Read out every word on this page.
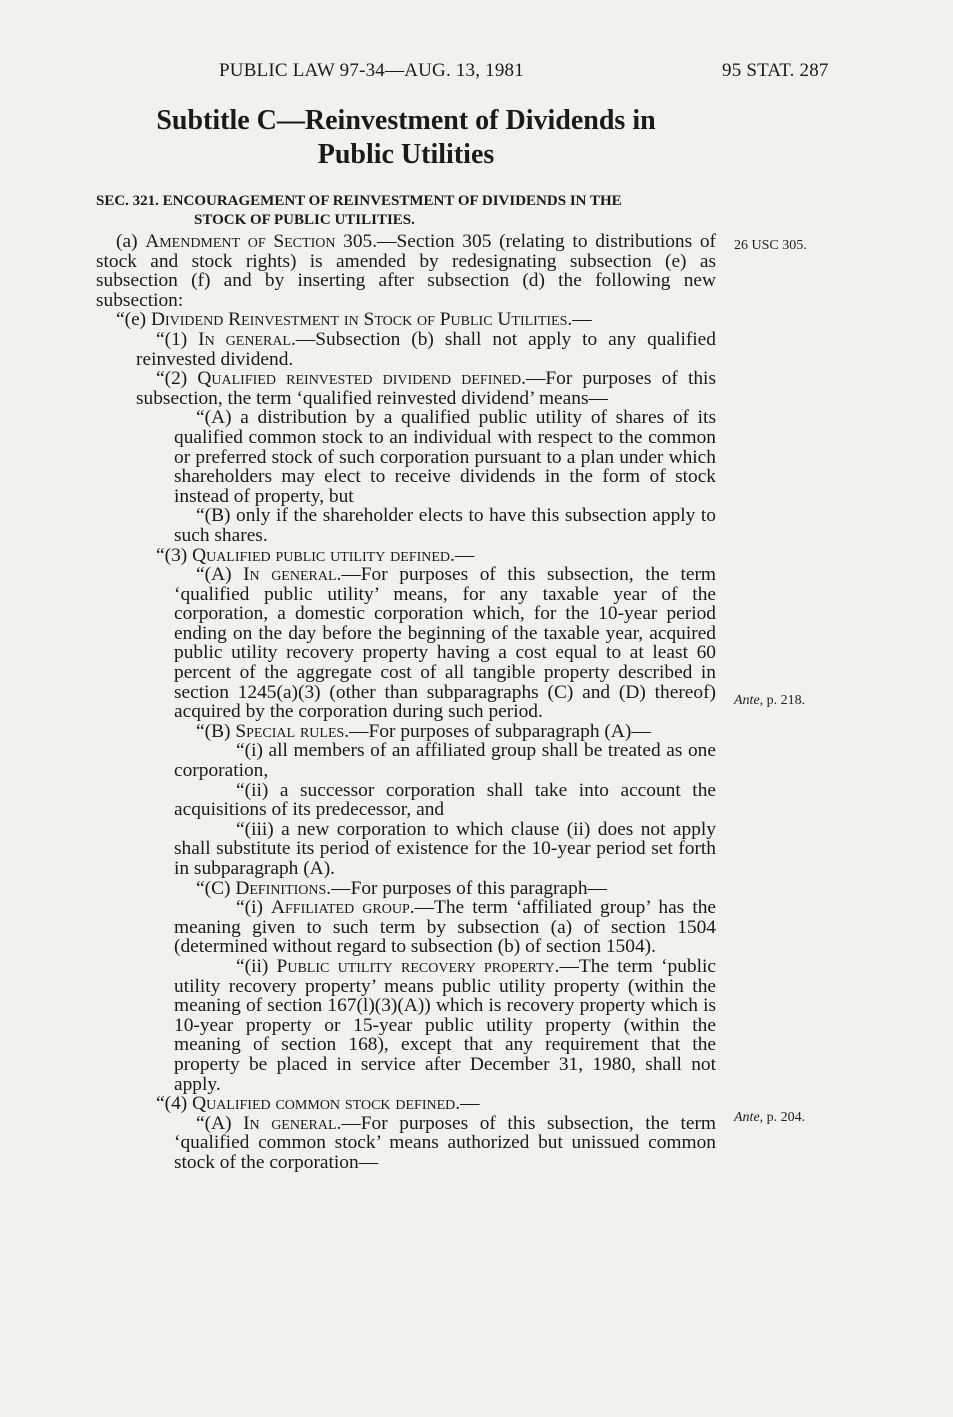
PUBLIC LAW 97-34—AUG. 13, 1981	95 STAT. 287
Subtitle C—Reinvestment of Dividends in
Public Utilities
SEC. 321. ENCOURAGEMENT OF REINVESTMENT OF DIVIDENDS IN THE
STOCK OF PUBLIC UTILITIES.
26 USC 305.
Ante, p. 218.
Ante, p. 204.

(a) Amendment of Section 305.—Section 305 (relating to distributions of stock and stock rights) is amended by redesignating subsection (e) as subsection (f) and by inserting after subsection (d) the following new subsection:

“(e) Dividend Reinvestment in Stock of Public Utilities.—

“(1) In general.—Subsection (b) shall not apply to any qualified reinvested dividend.

“(2) Qualified reinvested dividend defined.—For purposes of this subsection, the term ‘qualified reinvested dividend’ means—

“(A) a distribution by a qualified public utility of shares of its qualified common stock to an individual with respect to the common or preferred stock of such corporation pursuant to a plan under which shareholders may elect to receive dividends in the form of stock instead of property, but

“(B) only if the shareholder elects to have this subsection apply to such shares.

“(3) Qualified public utility defined.—

“(A) In general.—For purposes of this subsection, the term ‘qualified public utility’ means, for any taxable year of the corporation, a domestic corporation which, for the 10-year period ending on the day before the beginning of the taxable year, acquired public utility recovery property having a cost equal to at least 60 percent of the aggregate cost of all tangible property described in section 1245(a)(3) (other than subparagraphs (C) and (D) thereof) acquired by the corporation during such period.

“(B) Special rules.—For purposes of subparagraph (A)—

“(i) all members of an affiliated group shall be treated as one corporation,

“(ii) a successor corporation shall take into account the acquisitions of its predecessor, and

“(iii) a new corporation to which clause (ii) does not apply shall substitute its period of existence for the 10-year period set forth in subparagraph (A).

“(C) Definitions.—For purposes of this paragraph—

“(i) Affiliated group.—The term ‘affiliated group’ has the meaning given to such term by subsection (a) of section 1504 (determined without regard to subsection (b) of section 1504).

“(ii) Public utility recovery property.—The term ‘public utility recovery property’ means public utility property (within the meaning of section 167(l)(3)(A)) which is recovery property which is 10-year property or 15-year public utility property (within the meaning of section 168), except that any requirement that the property be placed in service after December 31, 1980, shall not apply.

“(4) Qualified common stock defined.—

“(A) In general.—For purposes of this subsection, the term ‘qualified common stock’ means authorized but unissued common stock of the corporation—
